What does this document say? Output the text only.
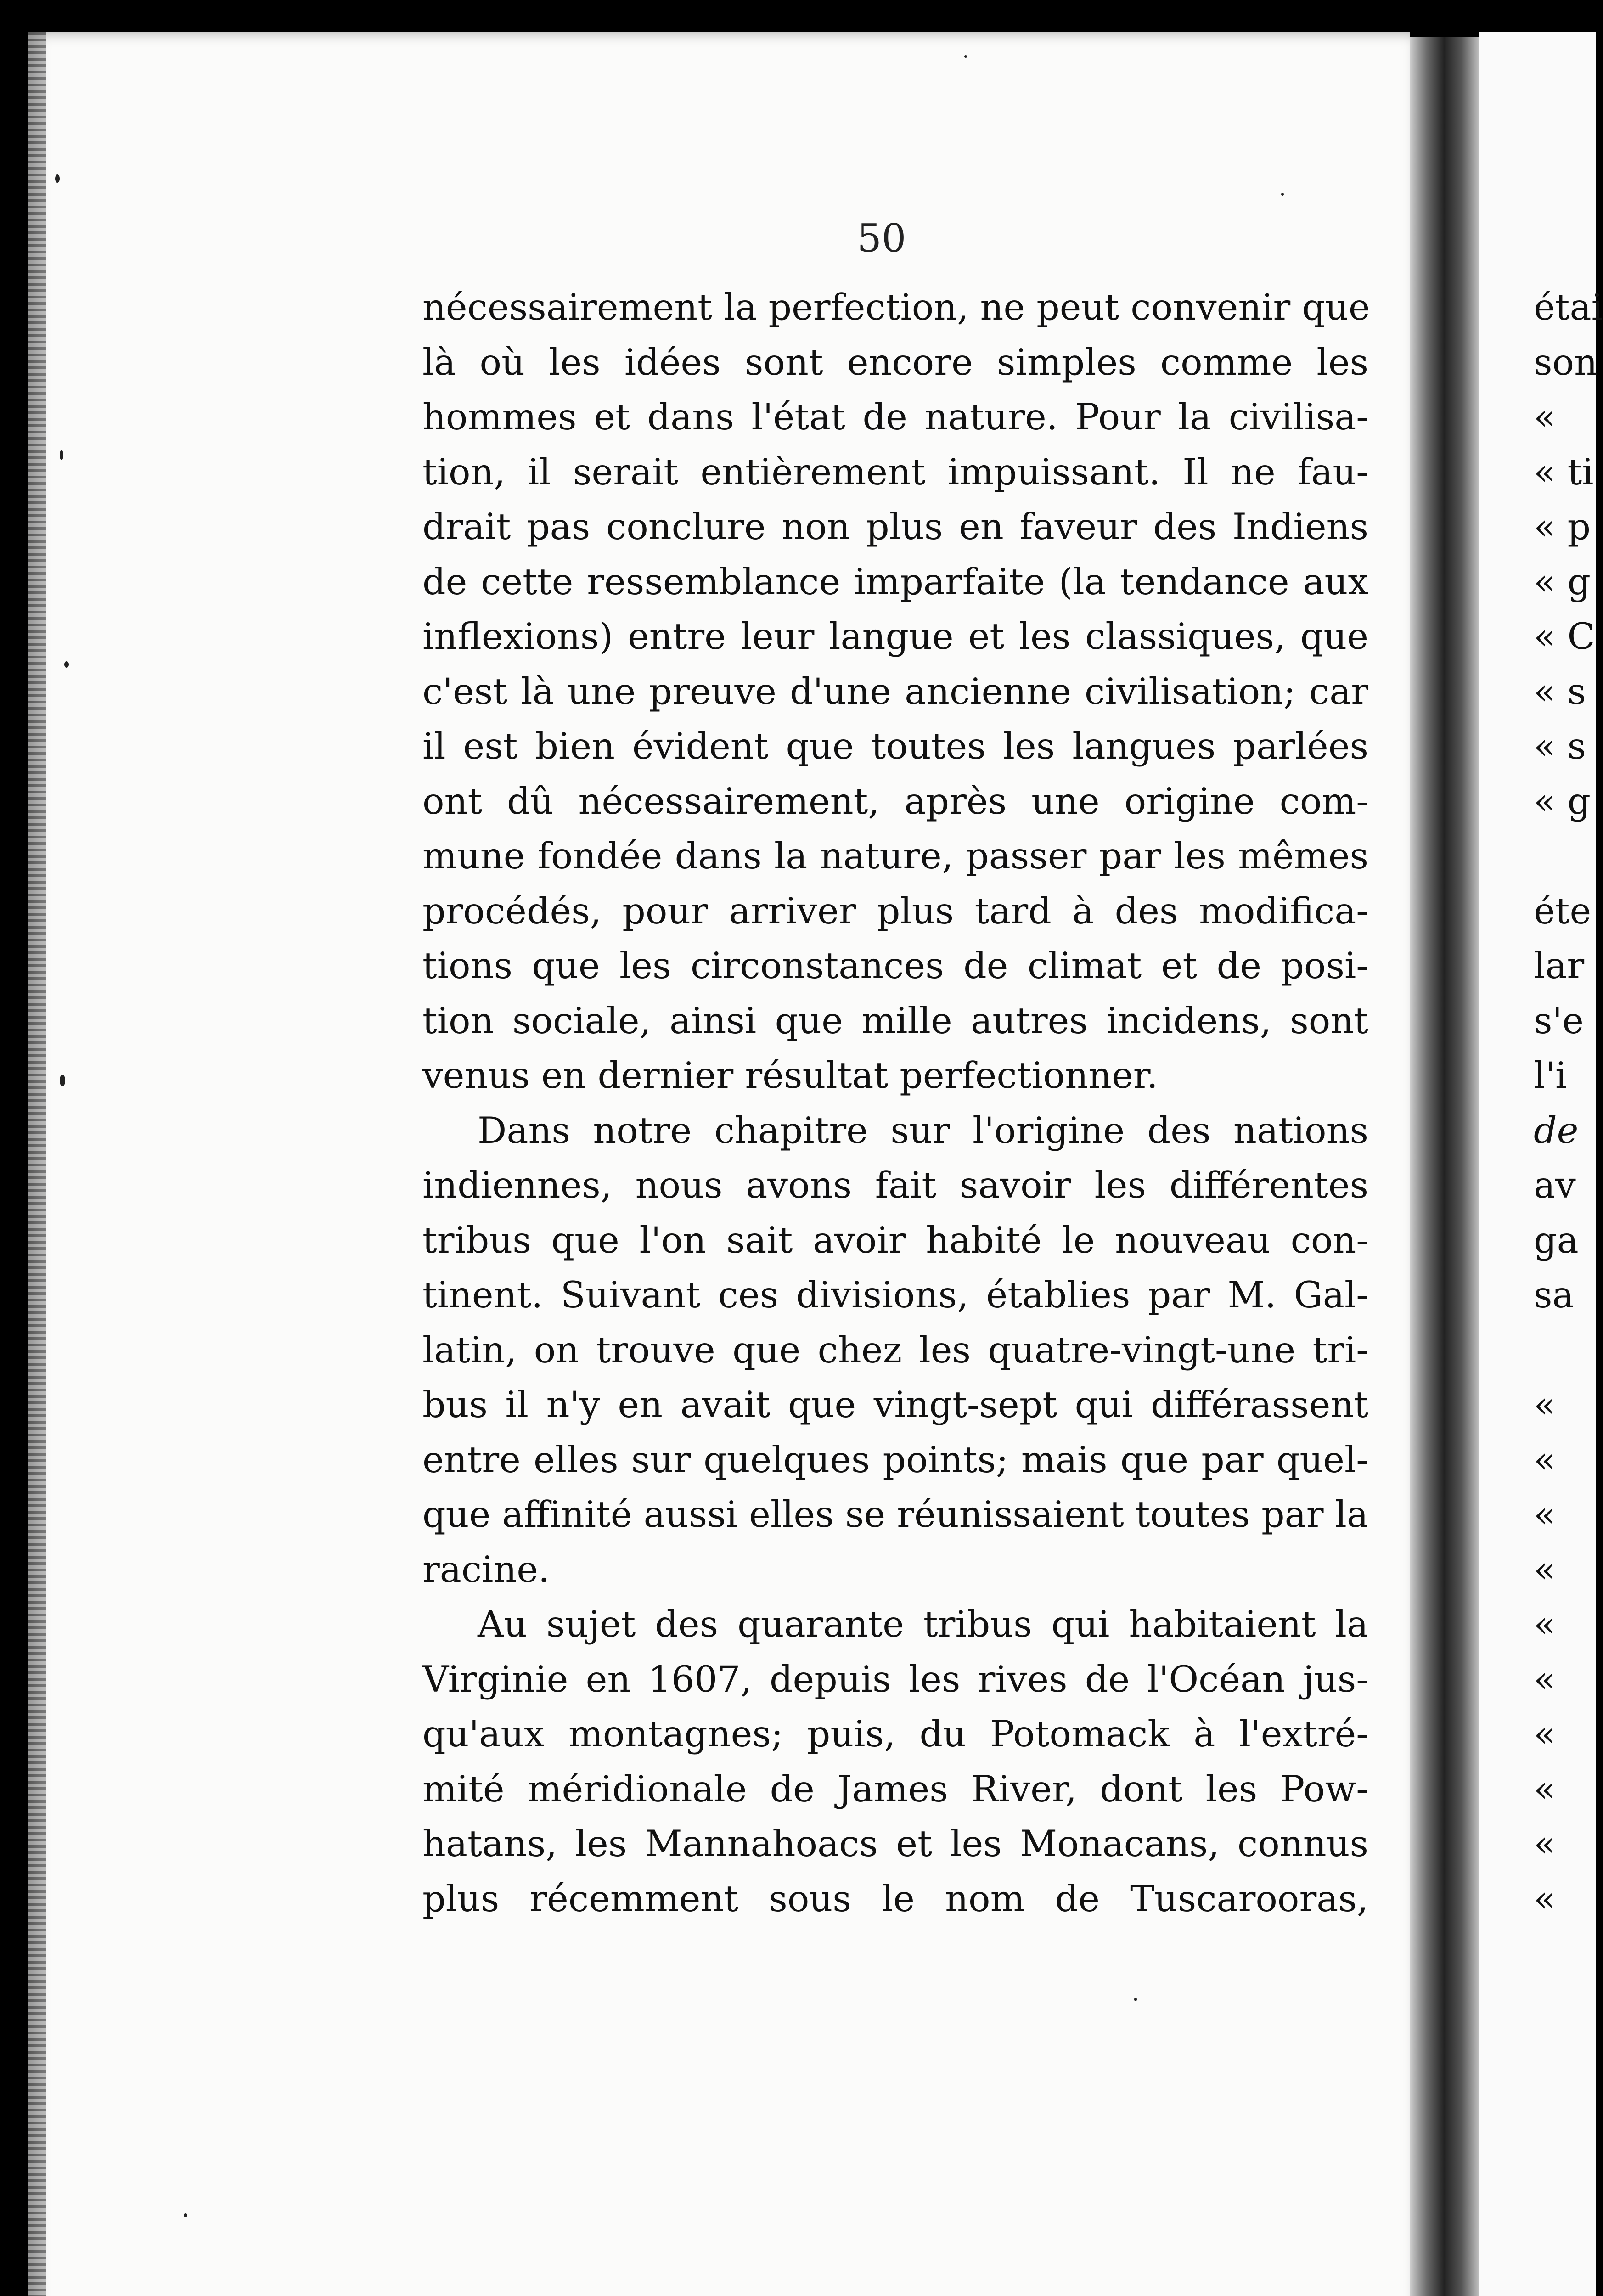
50
nécessairement la perfection, ne peut convenir que
là où les idées sont encore simples comme les
hommes et dans l'état de nature. Pour la civilisa-
tion, il serait entièrement impuissant. Il ne fau-
drait pas conclure non plus en faveur des Indiens
de cette ressemblance imparfaite (la tendance aux
inflexions) entre leur langue et les classiques, que
c'est là une preuve d'une ancienne civilisation; car
il est bien évident que toutes les langues parlées
ont dû nécessairement, après une origine com-
mune fondée dans la nature, passer par les mêmes
procédés, pour arriver plus tard à des modifica-
tions que les circonstances de climat et de posi-
tion sociale, ainsi que mille autres incidens, sont
venus en dernier résultat perfectionner.
Dans notre chapitre sur l'origine des nations
indiennes, nous avons fait savoir les différentes
tribus que l'on sait avoir habité le nouveau con-
tinent. Suivant ces divisions, établies par M. Gal-
latin, on trouve que chez les quatre-vingt-une tri-
bus il n'y en avait que vingt-sept qui différassent
entre elles sur quelques points; mais que par quel-
que affinité aussi elles se réunissaient toutes par la
racine.
Au sujet des quarante tribus qui habitaient la
Virginie en 1607, depuis les rives de l'Océan jus-
qu'aux montagnes; puis, du Potomack à l'extré-
mité méridionale de James River, dont les Pow-
hatans, les Mannahoacs et les Monacans, connus
plus récemment sous le nom de Tuscarooras,
étai
son
«
« ti
« p
« g
« C
« s
« s
« g
éte
lar
s'e
l'i
de
av
ga
sa
«
«
«
«
«
«
«
«
«
«
